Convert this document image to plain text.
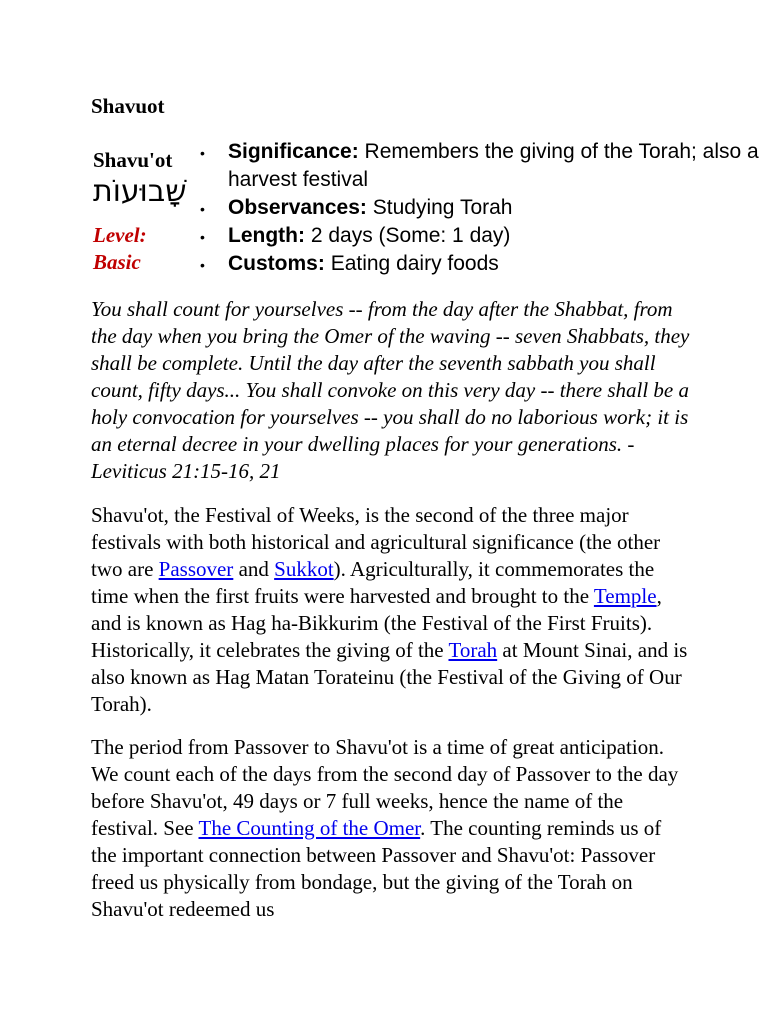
Shavuot
Shavu'ot
שָׁבוּעוֹת
Level:
Basic
• Significance: Remembers the giving of the Torah; also a harvest festival
• Observances: Studying Torah
• Length: 2 days (Some: 1 day)
• Customs: Eating dairy foods

You shall count for yourselves -- from the day after the Shabbat, from the day when you bring the Omer of the waving -- seven Shabbats, they shall be complete. Until the day after the seventh sabbath you shall count, fifty days... You shall convoke on this very day -- there shall be a holy convocation for yourselves -- you shall do no laborious work; it is an eternal decree in your dwelling places for your generations. -Leviticus 21:15-16, 21

Shavu'ot, the Festival of Weeks, is the second of the three major festivals with both historical and agricultural significance (the other two are Passover and Sukkot). Agriculturally, it commemorates the time when the first fruits were harvested and brought to the Temple, and is known as Hag ha-Bikkurim (the Festival of the First Fruits). Historically, it celebrates the giving of the Torah at Mount Sinai, and is also known as Hag Matan Torateinu (the Festival of the Giving of Our Torah).

The period from Passover to Shavu'ot is a time of great anticipation. We count each of the days from the second day of Passover to the day before Shavu'ot, 49 days or 7 full weeks, hence the name of the festival. See The Counting of the Omer. The counting reminds us of the important connection between Passover and Shavu'ot: Passover freed us physically from bondage, but the giving of the Torah on Shavu'ot redeemed us
